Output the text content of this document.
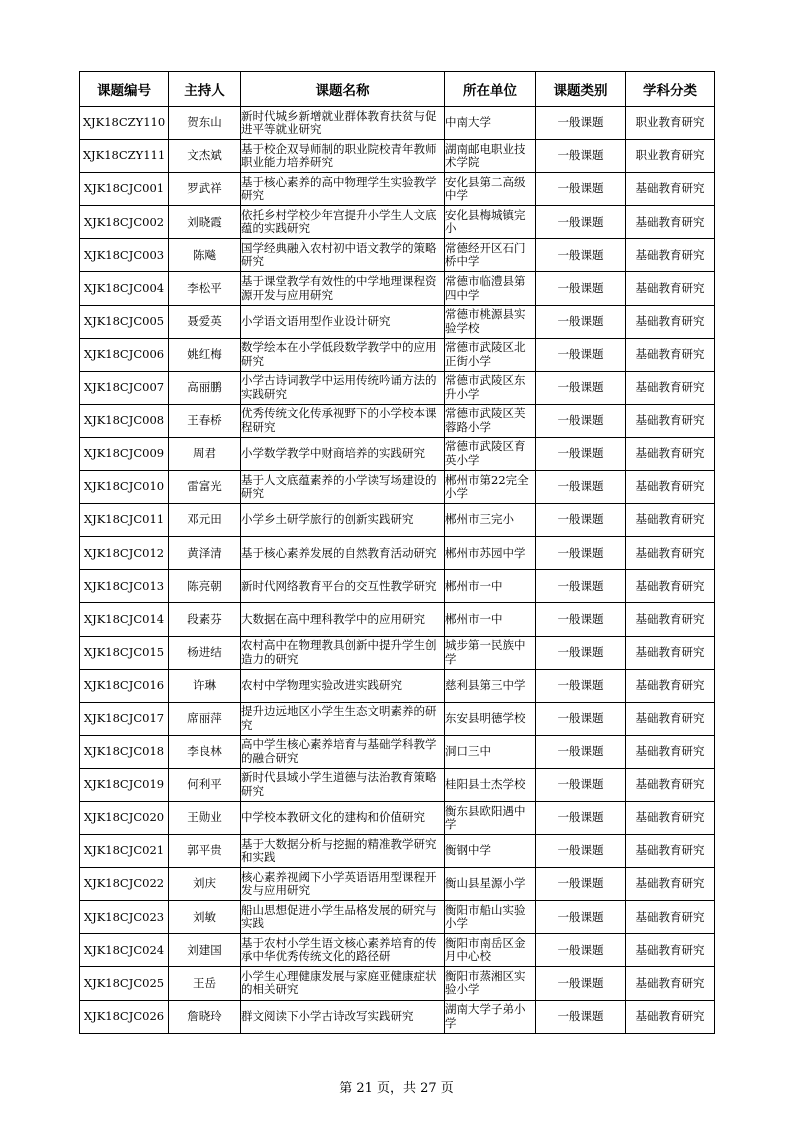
课题编号	主持人	课题名称	所在单位	课题类别	学科分类
XJK18CZY110	贺东山	新时代城乡新增就业群体教育扶贫与促进平等就业研究	中南大学	一般课题	职业教育研究
XJK18CZY111	文杰斌	基于校企双导师制的职业院校青年教师职业能力培养研究	湖南邮电职业技术学院	一般课题	职业教育研究
XJK18CJC001	罗武祥	基于核心素养的高中物理学生实验教学研究	安化县第二高级中学	一般课题	基础教育研究
XJK18CJC002	刘晓霞	依托乡村学校少年宫提升小学生人文底蕴的实践研究	安化县梅城镇完小	一般课题	基础教育研究
XJK18CJC003	陈飚	国学经典融入农村初中语文教学的策略研究	常德经开区石门桥中学	一般课题	基础教育研究
XJK18CJC004	李松平	基于课堂教学有效性的中学地理课程资源开发与应用研究	常德市临澧县第四中学	一般课题	基础教育研究
XJK18CJC005	聂爱英	小学语文语用型作业设计研究	常德市桃源县实验学校	一般课题	基础教育研究
XJK18CJC006	姚红梅	数学绘本在小学低段数学教学中的应用研究	常德市武陵区北正街小学	一般课题	基础教育研究
XJK18CJC007	高丽鹏	小学古诗词教学中运用传统吟诵方法的实践研究	常德市武陵区东升小学	一般课题	基础教育研究
XJK18CJC008	王春桥	优秀传统文化传承视野下的小学校本课程研究	常德市武陵区芙蓉路小学	一般课题	基础教育研究
XJK18CJC009	周君	小学数学教学中财商培养的实践研究	常德市武陵区育英小学	一般课题	基础教育研究
XJK18CJC010	雷富光	基于人文底蕴素养的小学读写场建设的研究	郴州市第22完全小学	一般课题	基础教育研究
XJK18CJC011	邓元田	小学乡土研学旅行的创新实践研究	郴州市三完小	一般课题	基础教育研究
XJK18CJC012	黄泽清	基于核心素养发展的自然教育活动研究	郴州市苏园中学	一般课题	基础教育研究
XJK18CJC013	陈亮朝	新时代网络教育平台的交互性教学研究	郴州市一中	一般课题	基础教育研究
XJK18CJC014	段素芬	大数据在高中理科教学中的应用研究	郴州市一中	一般课题	基础教育研究
XJK18CJC015	杨进结	农村高中在物理教具创新中提升学生创造力的研究	城步第一民族中学	一般课题	基础教育研究
XJK18CJC016	许琳	农村中学物理实验改进实践研究	慈利县第三中学	一般课题	基础教育研究
XJK18CJC017	席丽萍	提升边远地区小学生生态文明素养的研究	东安县明德学校	一般课题	基础教育研究
XJK18CJC018	李良林	高中学生核心素养培育与基础学科教学的融合研究	洞口三中	一般课题	基础教育研究
XJK18CJC019	何利平	新时代县域小学生道德与法治教育策略研究	桂阳县士杰学校	一般课题	基础教育研究
XJK18CJC020	王勋业	中学校本教研文化的建构和价值研究	衡东县欧阳遇中学	一般课题	基础教育研究
XJK18CJC021	郭平贵	基于大数据分析与挖掘的精准教学研究和实践	衡钢中学	一般课题	基础教育研究
XJK18CJC022	刘庆	核心素养视阈下小学英语语用型课程开发与应用研究	衡山县星源小学	一般课题	基础教育研究
XJK18CJC023	刘敏	船山思想促进小学生品格发展的研究与实践	衡阳市船山实验小学	一般课题	基础教育研究
XJK18CJC024	刘建国	基于农村小学生语文核心素养培育的传承中华优秀传统文化的路径研	衡阳市南岳区金月中心校	一般课题	基础教育研究
XJK18CJC025	王岳	小学生心理健康发展与家庭亚健康症状的相关研究	衡阳市蒸湘区实验小学	一般课题	基础教育研究
XJK18CJC026	詹晓玲	群文阅读下小学古诗改写实践研究	湖南大学子弟小学	一般课题	基础教育研究
第 21 页，共 27 页
